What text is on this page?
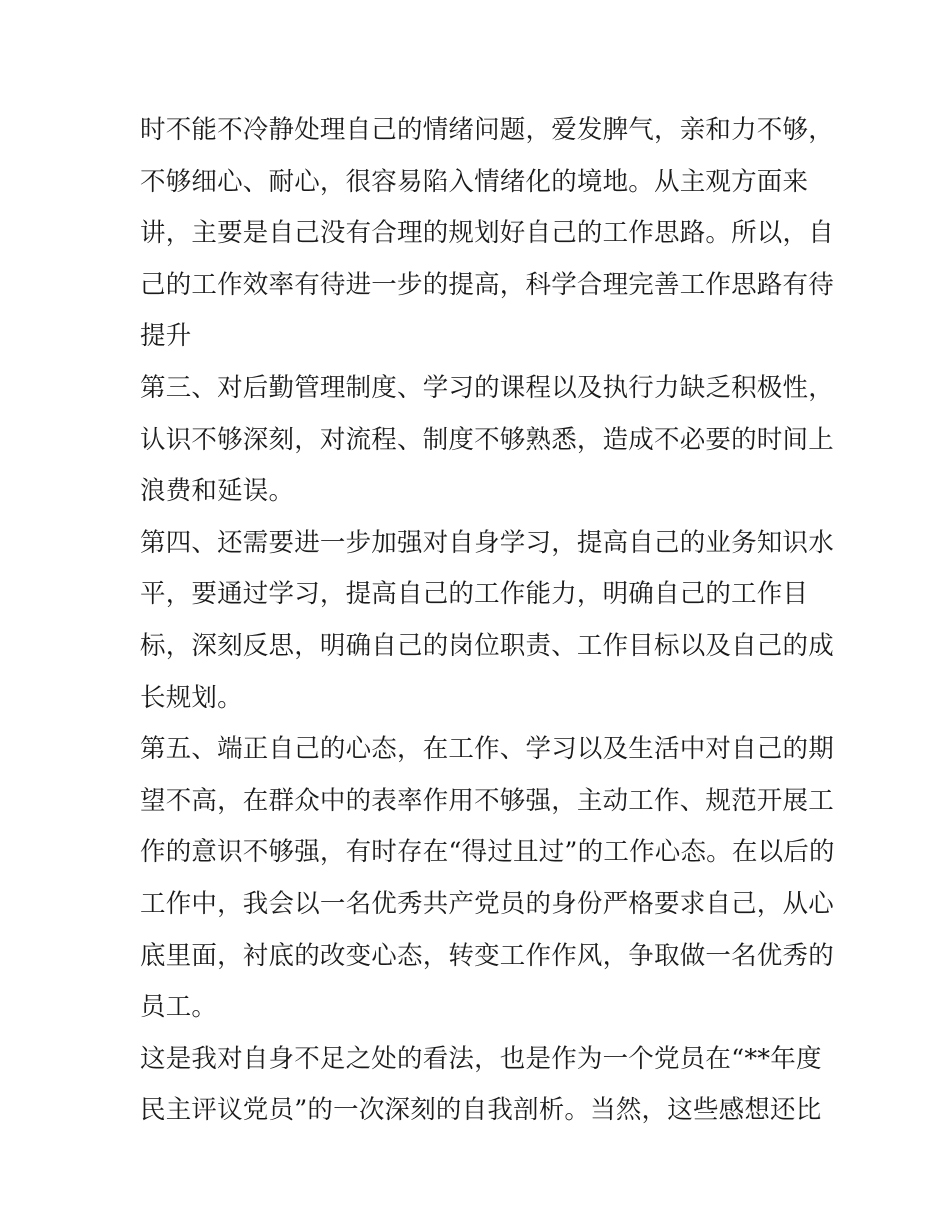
时不能不冷静处理自己的情绪问题，爱发脾气，亲和力不够，
不够细心、耐心，很容易陷入情绪化的境地。从主观方面来
讲，主要是自己没有合理的规划好自己的工作思路。所以，自
己的工作效率有待进一步的提高，科学合理完善工作思路有待
提升
第三、对后勤管理制度、学习的课程以及执行力缺乏积极性，
认识不够深刻，对流程、制度不够熟悉，造成不必要的时间上
浪费和延误。
第四、还需要进一步加强对自身学习，提高自己的业务知识水
平，要通过学习，提高自己的工作能力，明确自己的工作目
标，深刻反思，明确自己的岗位职责、工作目标以及自己的成
长规划。
第五、端正自己的心态，在工作、学习以及生活中对自己的期
望不高，在群众中的表率作用不够强，主动工作、规范开展工
作的意识不够强，有时存在“得过且过”的工作心态。在以后的
工作中，我会以一名优秀共产党员的身份严格要求自己，从心
底里面，衬底的改变心态，转变工作作风，争取做一名优秀的
员工。
这是我对自身不足之处的看法，也是作为一个党员在“**年度
民主评议党员”的一次深刻的自我剖析。当然，这些感想还比
